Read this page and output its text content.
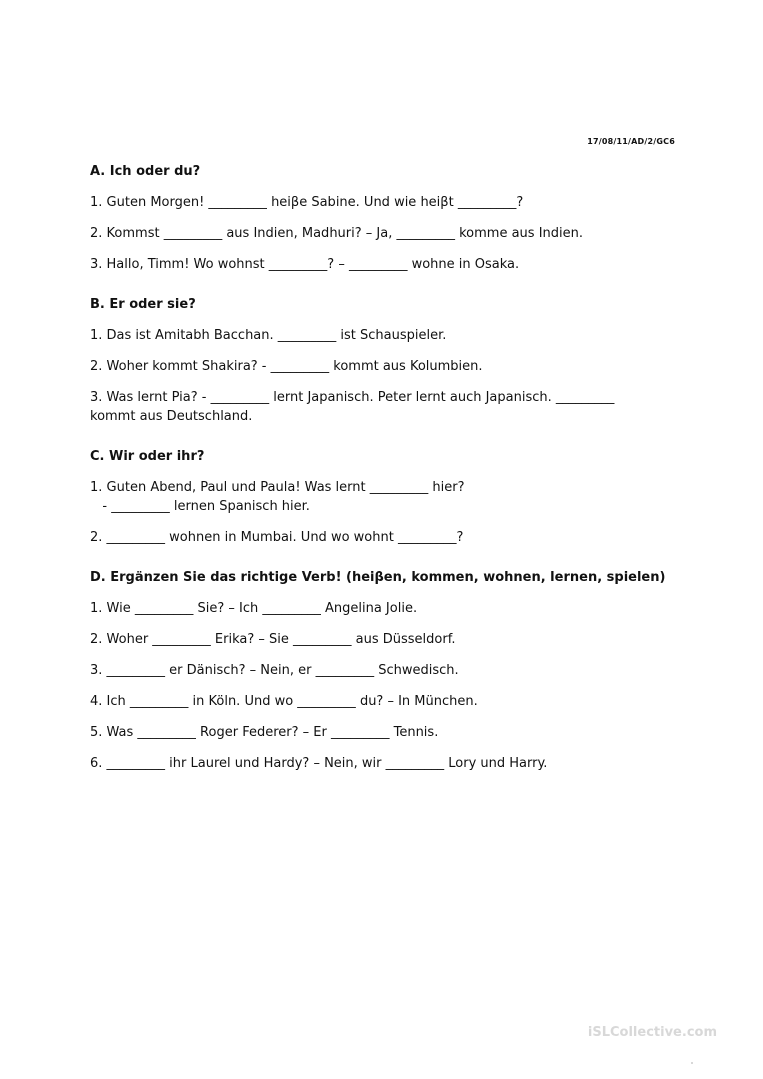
17/08/11/AD/2/GC6
A. Ich oder du?
1. Guten Morgen! _________ heiβe Sabine. Und wie heiβt _________?
2. Kommst _________ aus Indien, Madhuri? – Ja, _________ komme aus Indien.
3. Hallo, Timm! Wo wohnst _________? – _________ wohne in Osaka.
B. Er oder sie?
1. Das ist Amitabh Bacchan. _________ ist Schauspieler.
2. Woher kommt Shakira? - _________ kommt aus Kolumbien.
3. Was lernt Pia? - _________ lernt Japanisch. Peter lernt auch Japanisch. _________
kommt aus Deutschland.
C. Wir oder ihr?
1. Guten Abend, Paul und Paula! Was lernt _________ hier?
- _________ lernen Spanisch hier.
2. _________ wohnen in Mumbai. Und wo wohnt _________?
D. Ergänzen Sie das richtige Verb! (heiβen, kommen, wohnen, lernen, spielen)
1. Wie _________ Sie? – Ich _________ Angelina Jolie.
2. Woher _________ Erika? – Sie _________ aus Düsseldorf.
3. _________ er Dänisch? – Nein, er _________ Schwedisch.
4. Ich _________ in Köln. Und wo _________ du? – In München.
5. Was _________ Roger Federer? – Er _________ Tennis.
6. _________ ihr Laurel und Hardy? – Nein, wir _________ Lory und Harry.
iSLCollective.com
